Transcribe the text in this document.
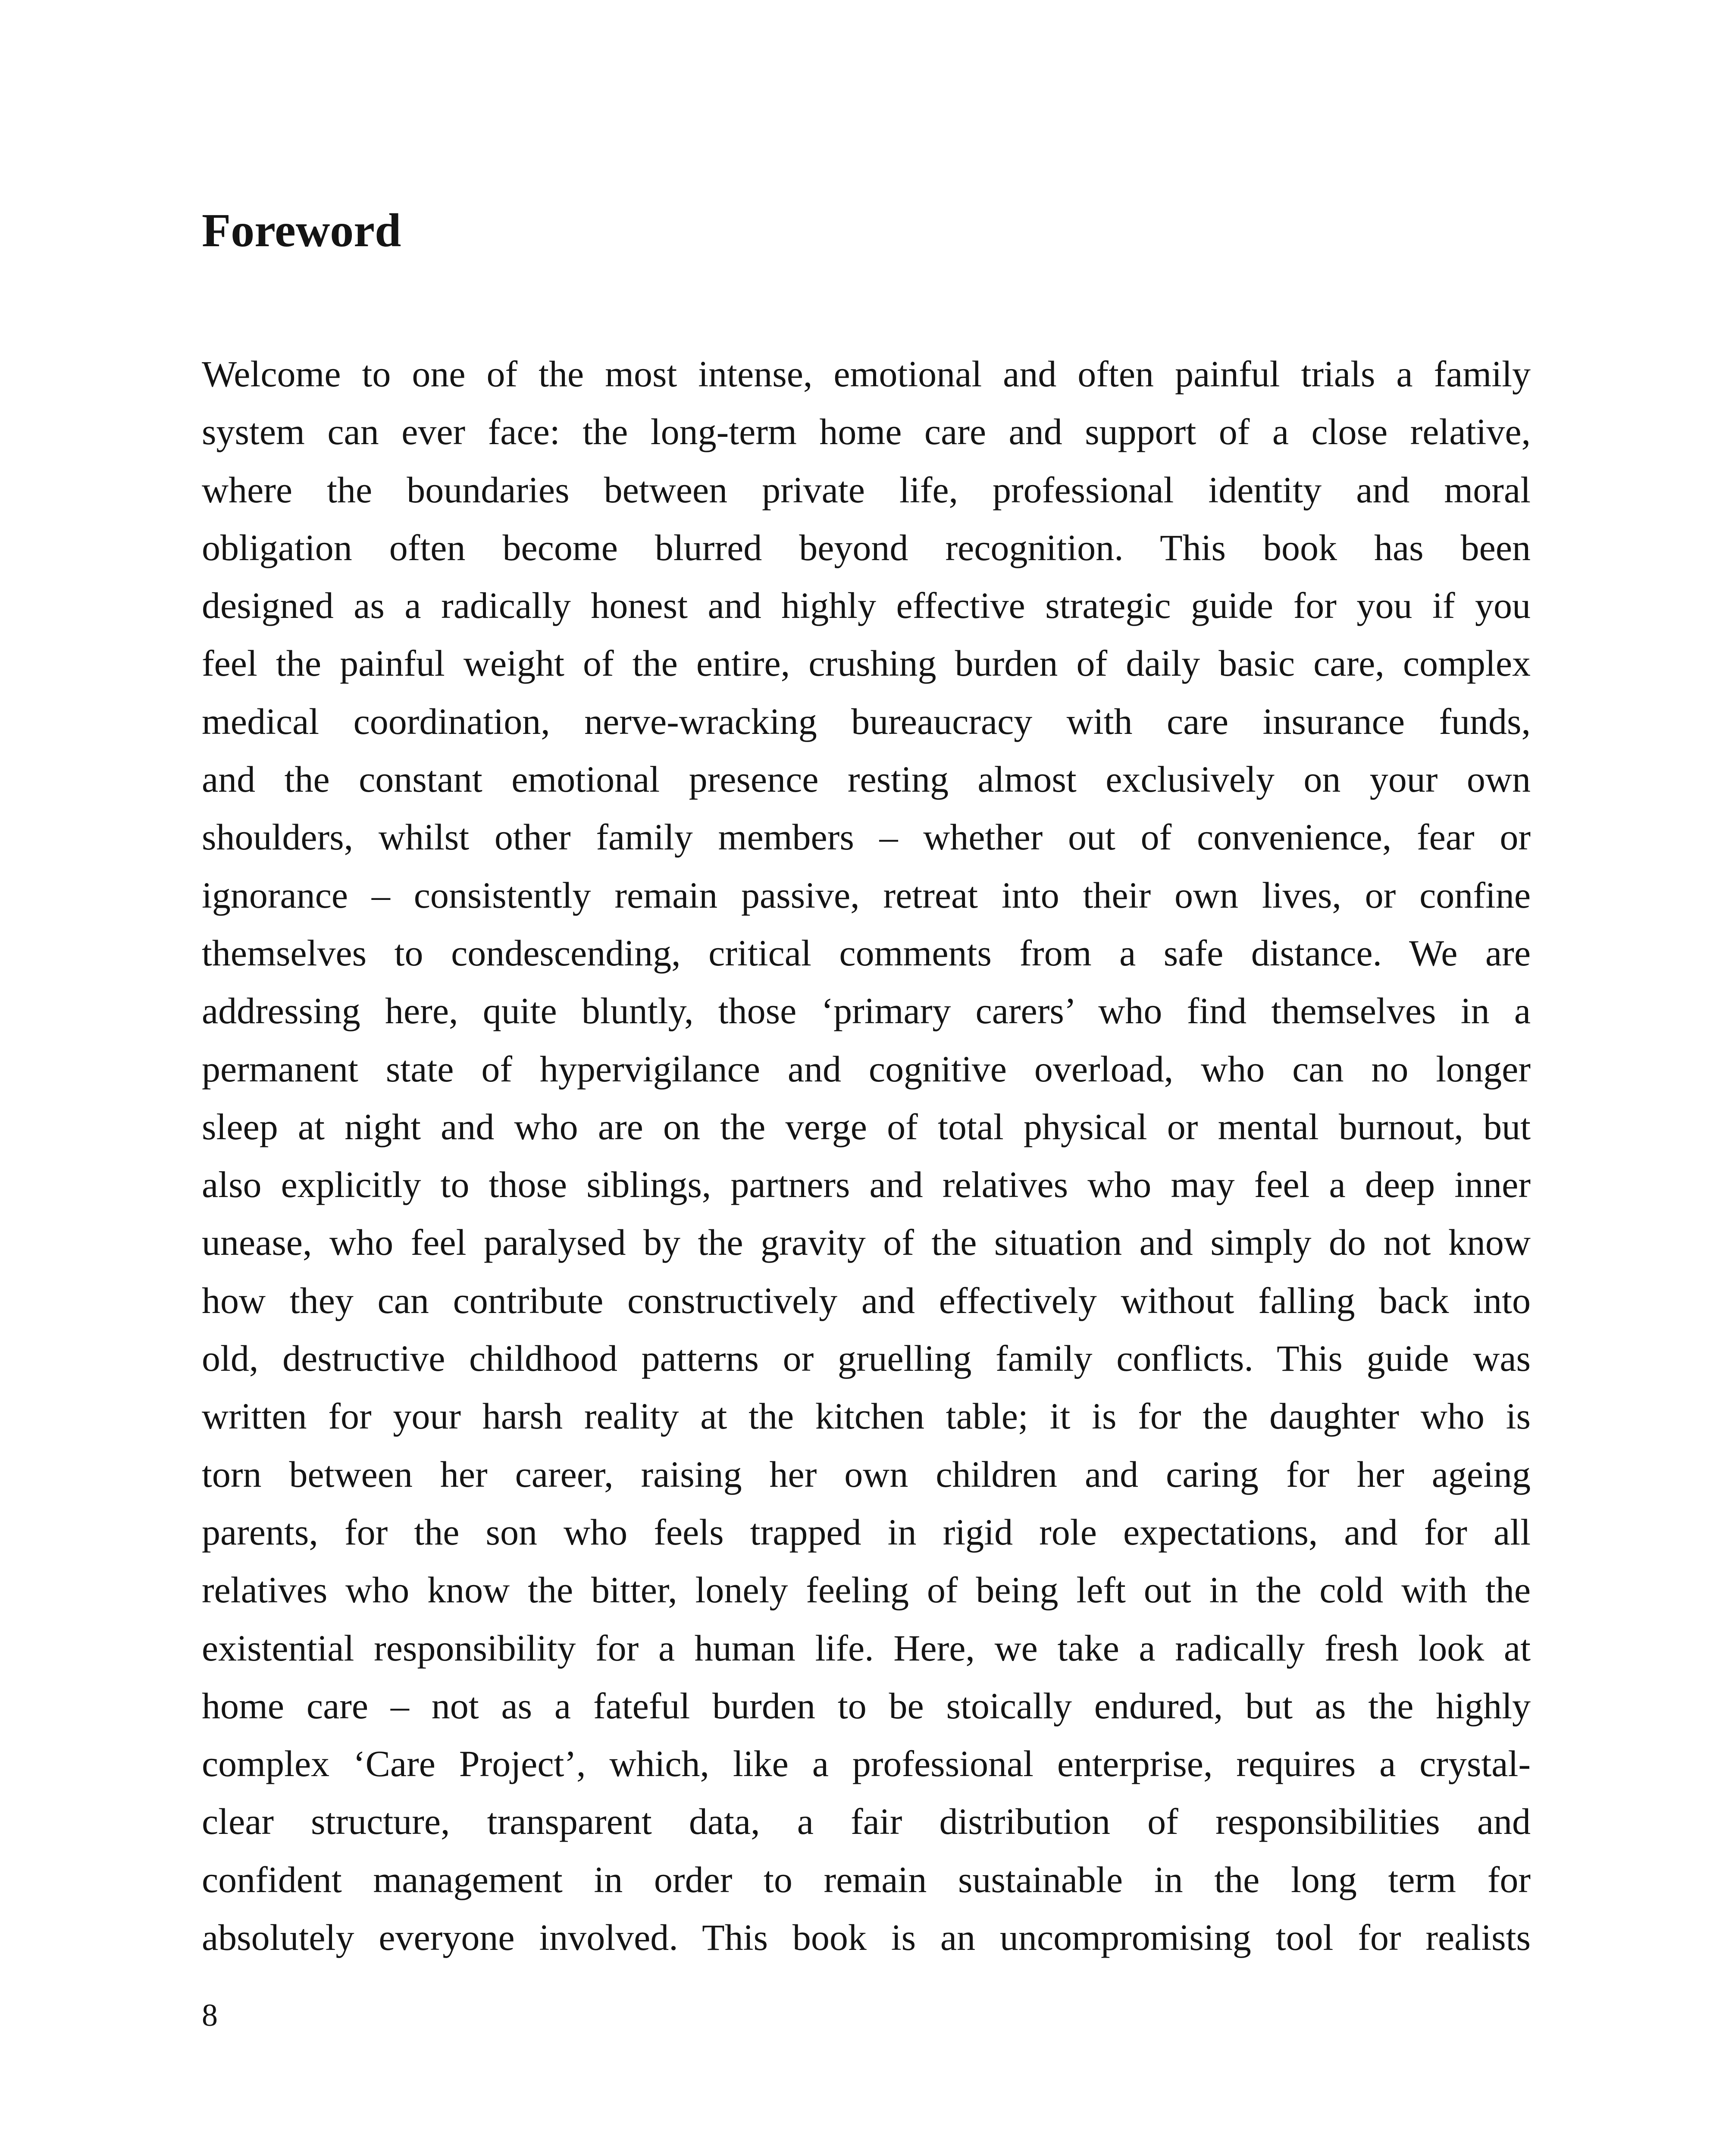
Foreword
Welcome to one of the most intense, emotional and often painful trials a family
system can ever face: the long-term home care and support of a close relative,
where the boundaries between private life, professional identity and moral
obligation often become blurred beyond recognition. This book has been
designed as a radically honest and highly effective strategic guide for you if you
feel the painful weight of the entire, crushing burden of daily basic care, complex
medical coordination, nerve-wracking bureaucracy with care insurance funds,
and the constant emotional presence resting almost exclusively on your own
shoulders, whilst other family members – whether out of convenience, fear or
ignorance – consistently remain passive, retreat into their own lives, or confine
themselves to condescending, critical comments from a safe distance. We are
addressing here, quite bluntly, those ‘primary carers’ who find themselves in a
permanent state of hypervigilance and cognitive overload, who can no longer
sleep at night and who are on the verge of total physical or mental burnout, but
also explicitly to those siblings, partners and relatives who may feel a deep inner
unease, who feel paralysed by the gravity of the situation and simply do not know
how they can contribute constructively and effectively without falling back into
old, destructive childhood patterns or gruelling family conflicts. This guide was
written for your harsh reality at the kitchen table; it is for the daughter who is
torn between her career, raising her own children and caring for her ageing
parents, for the son who feels trapped in rigid role expectations, and for all
relatives who know the bitter, lonely feeling of being left out in the cold with the
existential responsibility for a human life. Here, we take a radically fresh look at
home care – not as a fateful burden to be stoically endured, but as the highly
complex ‘Care Project’, which, like a professional enterprise, requires a crystal-
clear structure, transparent data, a fair distribution of responsibilities and
confident management in order to remain sustainable in the long term for
absolutely everyone involved. This book is an uncompromising tool for realists
8
